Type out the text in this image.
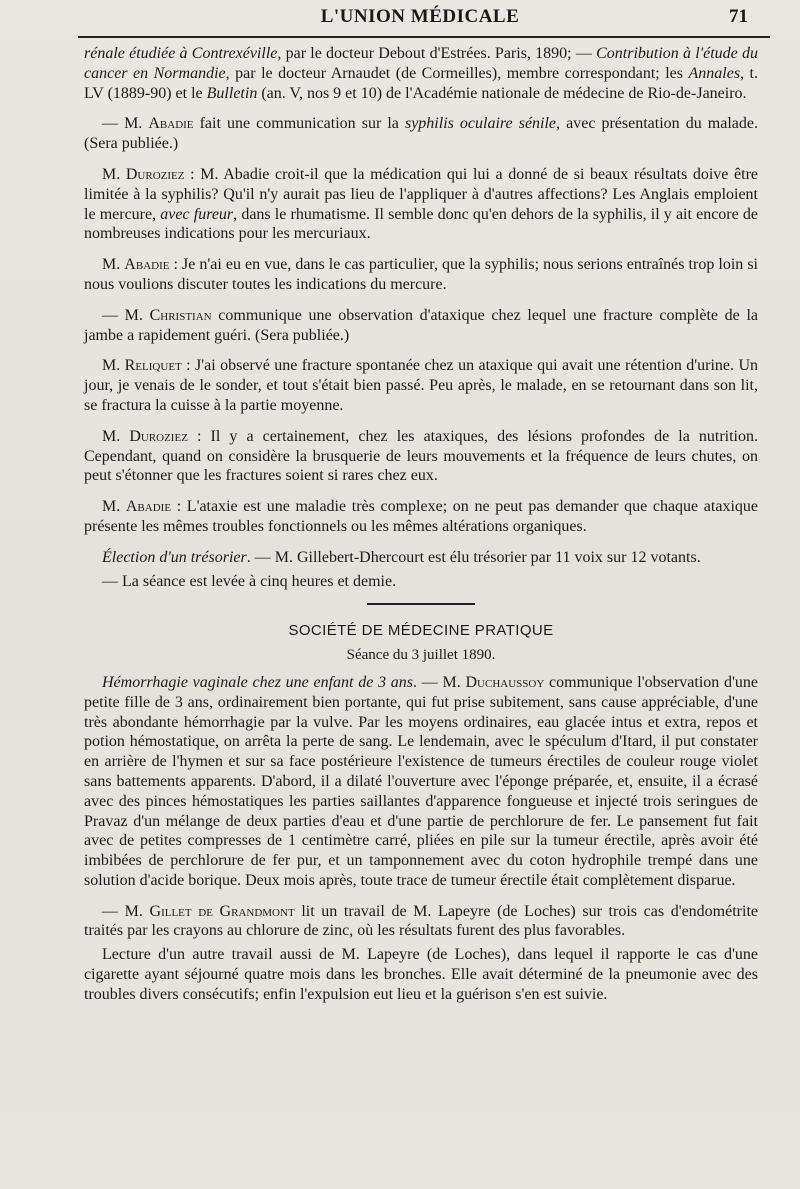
L'UNION MÉDICALE	71

rénale étudiée à Contrexéville, par le docteur Debout d'Estrées. Paris, 1890; — Contribution à l'étude du cancer en Normandie, par le docteur Arnaudet (de Cormeilles), membre correspondant; les Annales, t. LV (1889-90) et le Bulletin (an. V, nos 9 et 10) de l'Académie nationale de médecine de Rio-de-Janeiro.

— M. Abadie fait une communication sur la syphilis oculaire sénile, avec présentation du malade. (Sera publiée.)

M. Duroziez : M. Abadie croit-il que la médication qui lui a donné de si beaux résultats doive être limitée à la syphilis? Qu'il n'y aurait pas lieu de l'appliquer à d'autres affections? Les Anglais emploient le mercure, avec fureur, dans le rhumatisme. Il semble donc qu'en dehors de la syphilis, il y ait encore de nombreuses indications pour les mercuriaux.

M. Abadie : Je n'ai eu en vue, dans le cas particulier, que la syphilis; nous serions entraînés trop loin si nous voulions discuter toutes les indications du mercure.

— M. Christian communique une observation d'ataxique chez lequel une fracture complète de la jambe a rapidement guéri. (Sera publiée.)

M. Reliquet : J'ai observé une fracture spontanée chez un ataxique qui avait une rétention d'urine. Un jour, je venais de le sonder, et tout s'était bien passé. Peu après, le malade, en se retournant dans son lit, se fractura la cuisse à la partie moyenne.

M. Duroziez : Il y a certainement, chez les ataxiques, des lésions profondes de la nutrition. Cependant, quand on considère la brusquerie de leurs mouvements et la fréquence de leurs chutes, on peut s'étonner que les fractures soient si rares chez eux.

M. Abadie : L'ataxie est une maladie très complexe; on ne peut pas demander que chaque ataxique présente les mêmes troubles fonctionnels ou les mêmes altérations organiques.

Élection d'un trésorier. — M. Gillebert-Dhercourt est élu trésorier par 11 voix sur 12 votants.

— La séance est levée à cinq heures et demie.

SOCIÉTÉ DE MÉDECINE PRATIQUE
Séance du 3 juillet 1890.

Hémorrhagie vaginale chez une enfant de 3 ans. — M. Duchaussoy communique l'observation d'une petite fille de 3 ans, ordinairement bien portante, qui fut prise subitement, sans cause appréciable, d'une très abondante hémorrhagie par la vulve. Par les moyens ordinaires, eau glacée intus et extra, repos et potion hémostatique, on arrêta la perte de sang. Le lendemain, avec le spéculum d'Itard, il put constater en arrière de l'hymen et sur sa face postérieure l'existence de tumeurs érectiles de couleur rouge violet sans battements apparents. D'abord, il a dilaté l'ouverture avec l'éponge préparée, et, ensuite, il a écrasé avec des pinces hémostatiques les parties saillantes d'apparence fongueuse et injecté trois seringues de Pravaz d'un mélange de deux parties d'eau et d'une partie de perchlorure de fer. Le pansement fut fait avec de petites compresses de 1 centimètre carré, pliées en pile sur la tumeur érectile, après avoir été imbibées de perchlorure de fer pur, et un tamponnement avec du coton hydrophile trempé dans une solution d'acide borique. Deux mois après, toute trace de tumeur érectile était complètement disparue.

— M. Gillet de Grandmont lit un travail de M. Lapeyre (de Loches) sur trois cas d'endométrite traités par les crayons au chlorure de zinc, où les résultats furent des plus favorables.

Lecture d'un autre travail aussi de M. Lapeyre (de Loches), dans lequel il rapporte le cas d'une cigarette ayant séjourné quatre mois dans les bronches. Elle avait déterminé de la pneumonie avec des troubles divers consécutifs; enfin l'expulsion eut lieu et la guérison s'en est suivie.
